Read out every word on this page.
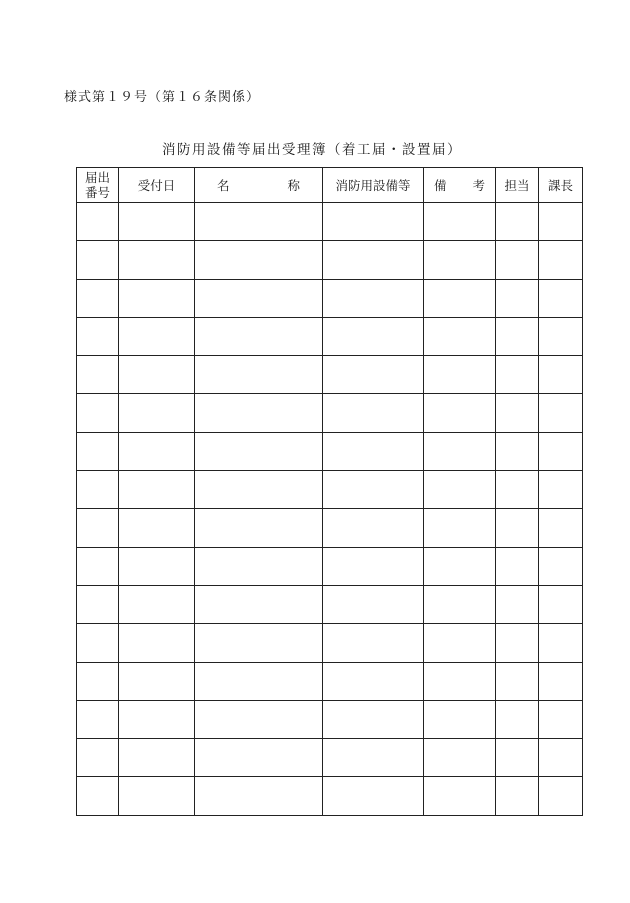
様式第１９号（第１６条関係）
消防用設備等届出受理簿（着工届・設置届）
届出
番号	受付日	名 称	消防用設備等	備 考	担当	課長
